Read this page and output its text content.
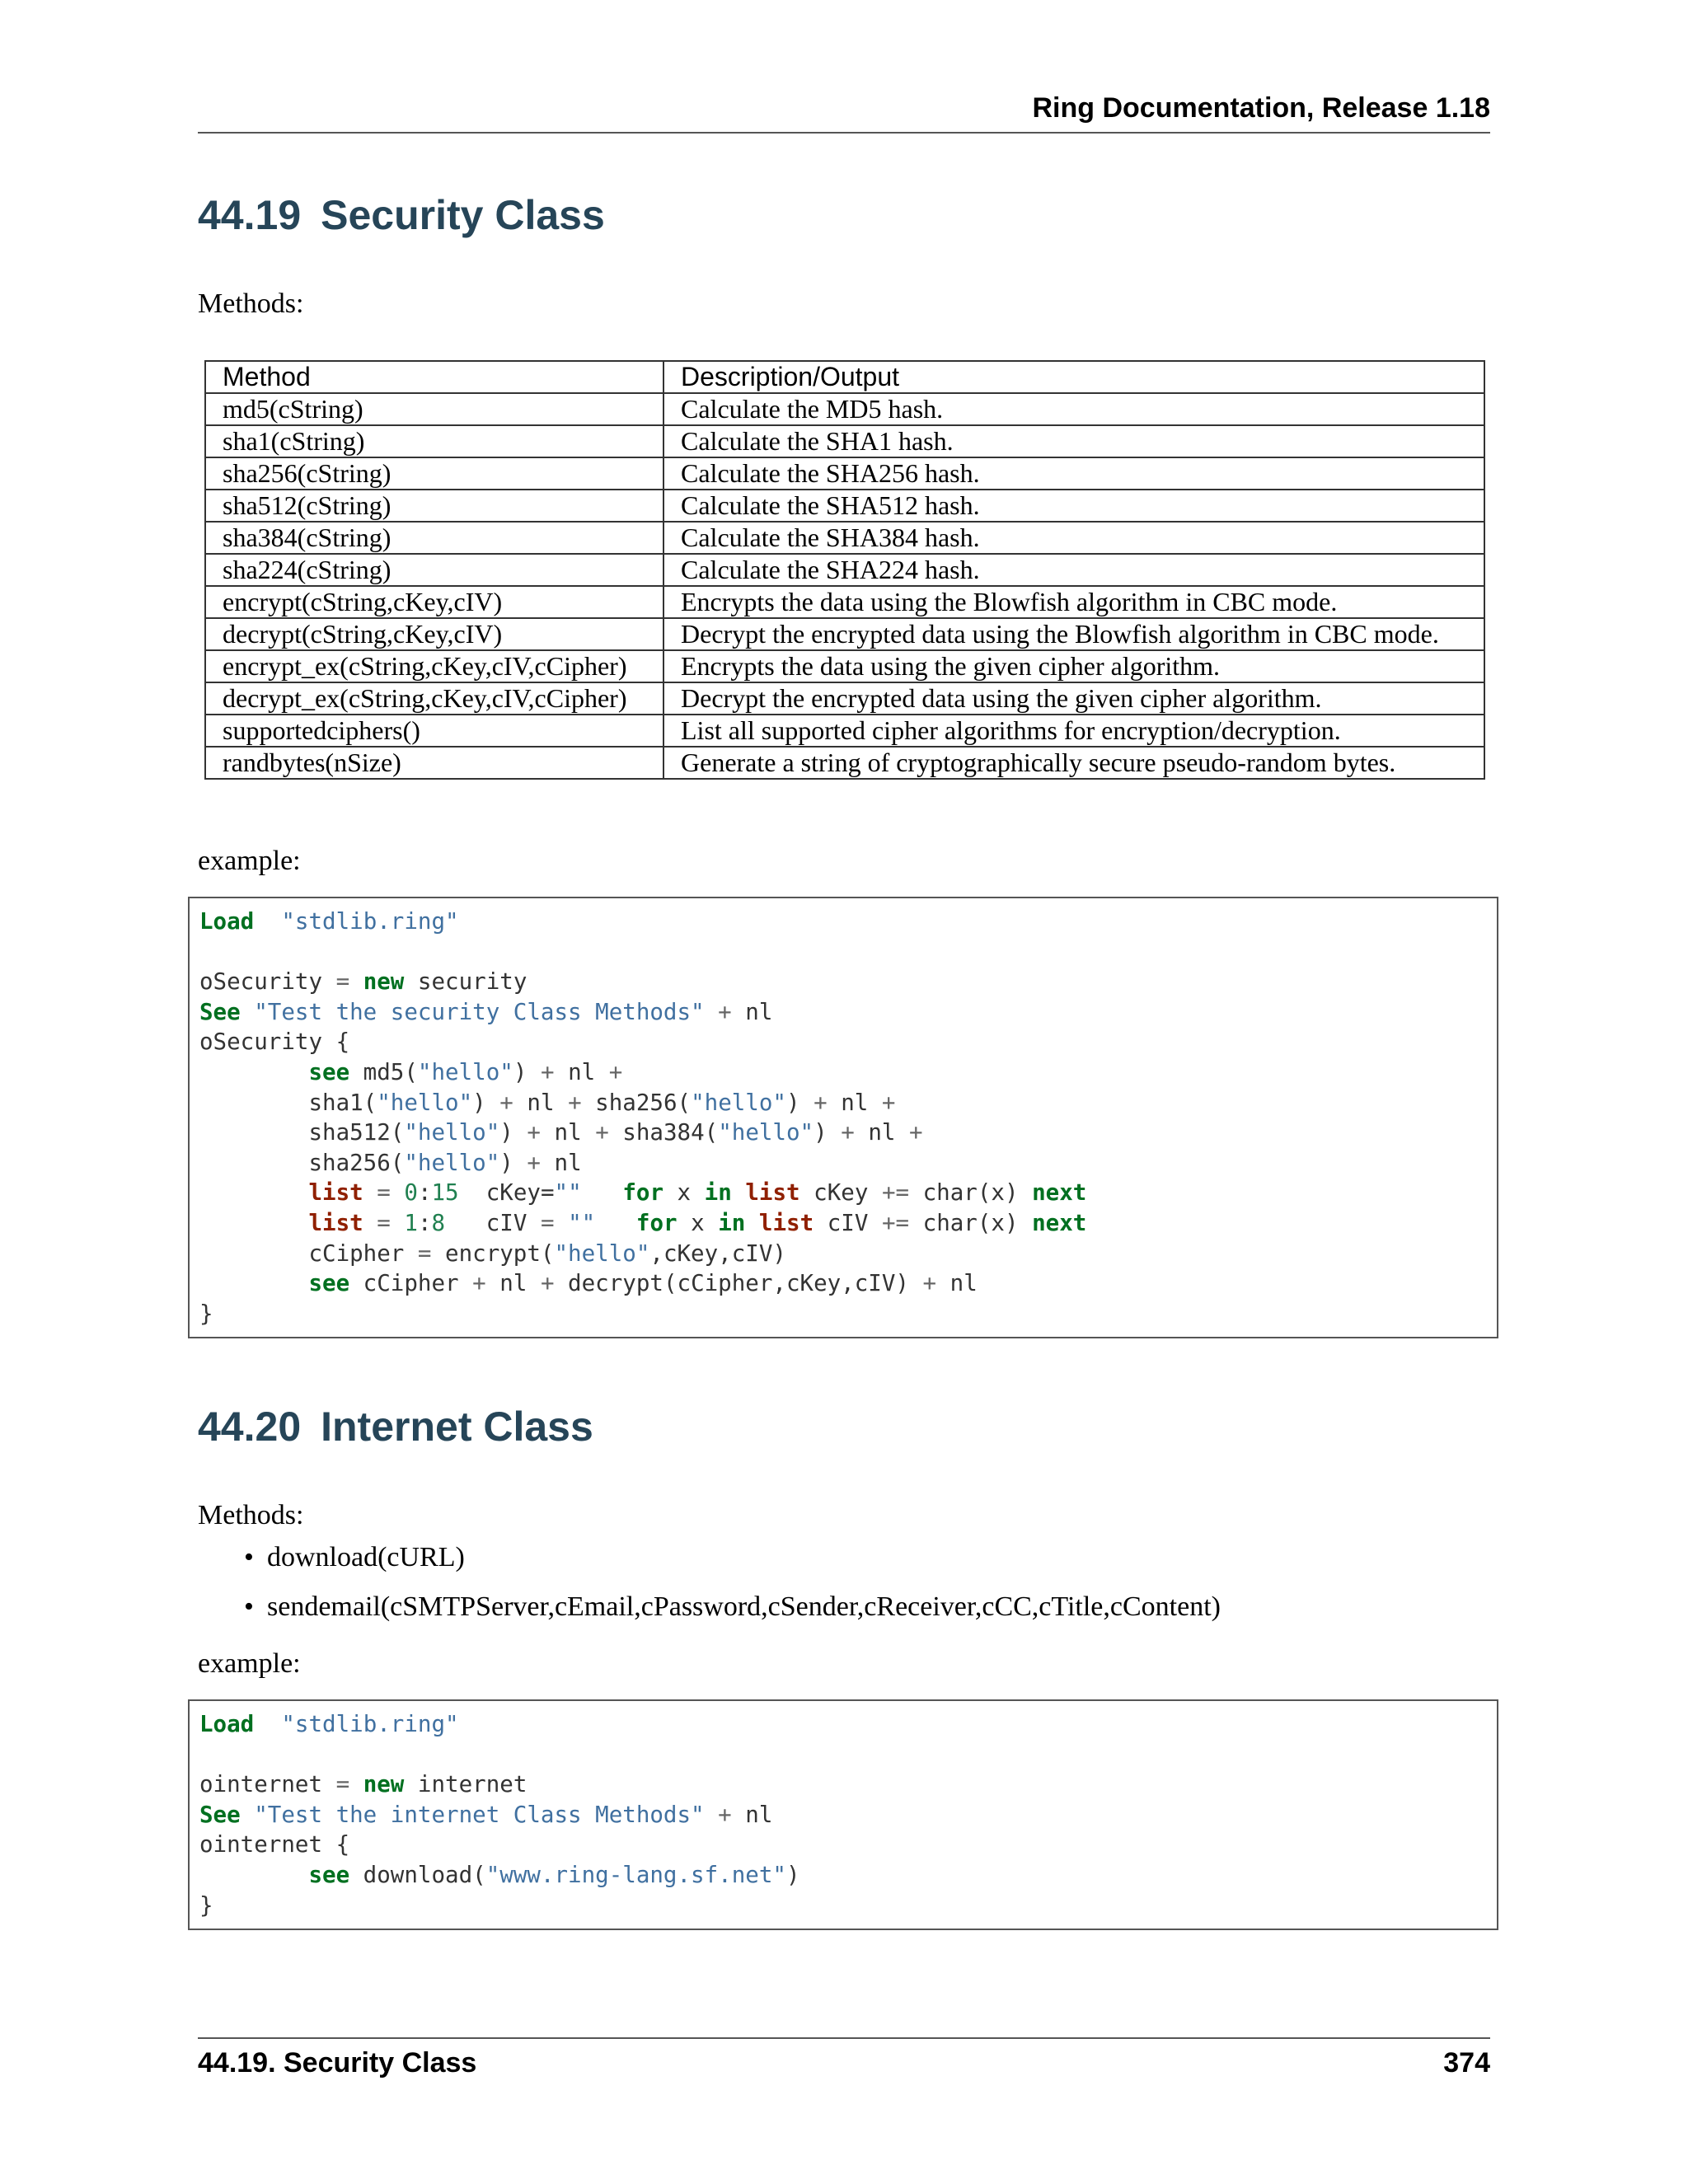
Ring Documentation, Release 1.18
44.19 Security Class

Methods:

Method	Description/Output
md5(cString)	Calculate the MD5 hash.
sha1(cString)	Calculate the SHA1 hash.
sha256(cString)	Calculate the SHA256 hash.
sha512(cString)	Calculate the SHA512 hash.
sha384(cString)	Calculate the SHA384 hash.
sha224(cString)	Calculate the SHA224 hash.
encrypt(cString,cKey,cIV)	Encrypts the data using the Blowfish algorithm in CBC mode.
decrypt(cString,cKey,cIV)	Decrypt the encrypted data using the Blowfish algorithm in CBC mode.
encrypt_ex(cString,cKey,cIV,cCipher)	Encrypts the data using the given cipher algorithm.
decrypt_ex(cString,cKey,cIV,cCipher)	Decrypt the encrypted data using the given cipher algorithm.
supportedciphers()	List all supported cipher algorithms for encryption/decryption.
randbytes(nSize)	Generate a string of cryptographically secure pseudo-random bytes.

example:

Load "stdlib.ring"

oSecurity = new security
See "Test the security Class Methods" + nl
oSecurity {
see md5("hello") + nl +
sha1("hello") + nl + sha256("hello") + nl +
sha512("hello") + nl + sha384("hello") + nl +
sha256("hello") + nl
list = 0:15  cKey="" for x in list cKey += char(x) next
list = 1:8   cIV = "" for x in list cIV += char(x) next
cCipher = encrypt("hello",cKey,cIV)
see cCipher + nl + decrypt(cCipher,cKey,cIV) + nl
}

44.20 Internet Class

Methods:

• download(cURL)
• sendemail(cSMTPServer,cEmail,cPassword,cSender,cReceiver,cCC,cTitle,cContent)

example:

Load "stdlib.ring"

ointernet = new internet
See "Test the internet Class Methods" + nl
ointernet {
see download("www.ring-lang.sf.net")
}

44.19. Security Class	374
